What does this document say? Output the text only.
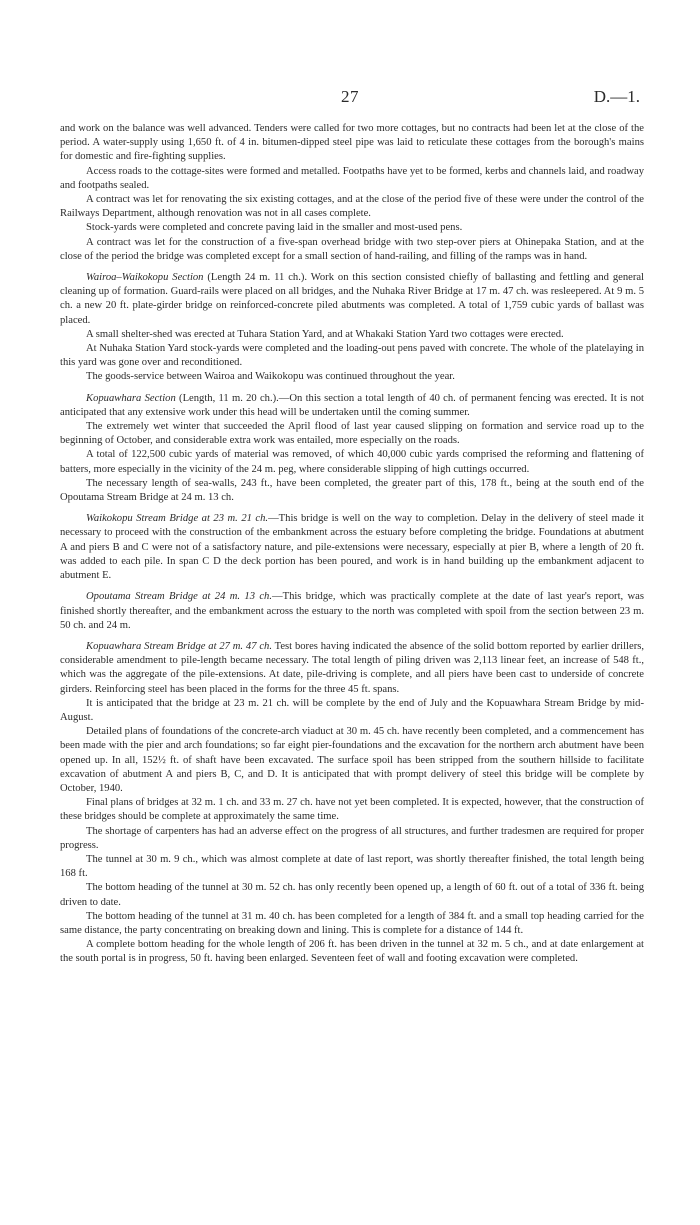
27	D.—1.

and work on the balance was well advanced. Tenders were called for two more cottages, but no contracts had been let at the close of the period. A water-supply using 1,650 ft. of 4 in. bitumen-dipped steel pipe was laid to reticulate these cottages from the borough's mains for domestic and fire-fighting supplies.

Access roads to the cottage-sites were formed and metalled. Footpaths have yet to be formed, kerbs and channels laid, and roadway and footpaths sealed.

A contract was let for renovating the six existing cottages, and at the close of the period five of these were under the control of the Railways Department, although renovation was not in all cases complete.

Stock-yards were completed and concrete paving laid in the smaller and most-used pens.

A contract was let for the construction of a five-span overhead bridge with two step-over piers at Ohinepaka Station, and at the close of the period the bridge was completed except for a small section of hand-railing, and filling of the ramps was in hand.

Wairoa–Waikokopu Section (Length 24 m. 11 ch.). Work on this section consisted chiefly of ballasting and fettling and general cleaning up of formation. Guard-rails were placed on all bridges, and the Nuhaka River Bridge at 17 m. 47 ch. was resleepered. At 9 m. 5 ch. a new 20 ft. plate-girder bridge on reinforced-concrete piled abutments was completed. A total of 1,759 cubic yards of ballast was placed.

A small shelter-shed was erected at Tuhara Station Yard, and at Whakaki Station Yard two cottages were erected.

At Nuhaka Station Yard stock-yards were completed and the loading-out pens paved with concrete. The whole of the platelaying in this yard was gone over and reconditioned.

The goods-service between Wairoa and Waikokopu was continued throughout the year.

Kopuawhara Section (Length, 11 m. 20 ch.).—On this section a total length of 40 ch. of permanent fencing was erected. It is not anticipated that any extensive work under this head will be undertaken until the coming summer.

The extremely wet winter that succeeded the April flood of last year caused slipping on formation and service road up to the beginning of October, and considerable extra work was entailed, more especially on the roads.

A total of 122,500 cubic yards of material was removed, of which 40,000 cubic yards comprised the reforming and flattening of batters, more especially in the vicinity of the 24 m. peg, where considerable slipping of high cuttings occurred.

The necessary length of sea-walls, 243 ft., have been completed, the greater part of this, 178 ft., being at the south end of the Opoutama Stream Bridge at 24 m. 13 ch.

Waikokopu Stream Bridge at 23 m. 21 ch.—This bridge is well on the way to completion. Delay in the delivery of steel made it necessary to proceed with the construction of the embankment across the estuary before completing the bridge. Foundations at abutment A and piers B and C were not of a satisfactory nature, and pile-extensions were necessary, especially at pier B, where a length of 20 ft. was added to each pile. In span C D the deck portion has been poured, and work is in hand building up the embankment adjacent to abutment E.

Opoutama Stream Bridge at 24 m. 13 ch.—This bridge, which was practically complete at the date of last year's report, was finished shortly thereafter, and the embankment across the estuary to the north was completed with spoil from the section between 23 m. 50 ch. and 24 m.

Kopuawhara Stream Bridge at 27 m. 47 ch. Test bores having indicated the absence of the solid bottom reported by earlier drillers, considerable amendment to pile-length became necessary. The total length of piling driven was 2,113 linear feet, an increase of 548 ft., which was the aggregate of the pile-extensions. At date, pile-driving is complete, and all piers have been cast to underside of concrete girders. Reinforcing steel has been placed in the forms for the three 45 ft. spans.

It is anticipated that the bridge at 23 m. 21 ch. will be complete by the end of July and the Kopuawhara Stream Bridge by mid-August.

Detailed plans of foundations of the concrete-arch viaduct at 30 m. 45 ch. have recently been completed, and a commencement has been made with the pier and arch foundations; so far eight pier-foundations and the excavation for the northern arch abutment have been opened up. In all, 152½ ft. of shaft have been excavated. The surface spoil has been stripped from the southern hillside to facilitate excavation of abutment A and piers B, C, and D. It is anticipated that with prompt delivery of steel this bridge will be complete by October, 1940.

Final plans of bridges at 32 m. 1 ch. and 33 m. 27 ch. have not yet been completed. It is expected, however, that the construction of these bridges should be complete at approximately the same time.

The shortage of carpenters has had an adverse effect on the progress of all structures, and further tradesmen are required for proper progress.

The tunnel at 30 m. 9 ch., which was almost complete at date of last report, was shortly thereafter finished, the total length being 168 ft.

The bottom heading of the tunnel at 30 m. 52 ch. has only recently been opened up, a length of 60 ft. out of a total of 336 ft. being driven to date.

The bottom heading of the tunnel at 31 m. 40 ch. has been completed for a length of 384 ft. and a small top heading carried for the same distance, the party concentrating on breaking down and lining. This is complete for a distance of 144 ft.

A complete bottom heading for the whole length of 206 ft. has been driven in the tunnel at 32 m. 5 ch., and at date enlargement at the south portal is in progress, 50 ft. having been enlarged. Seventeen feet of wall and footing excavation were completed.
